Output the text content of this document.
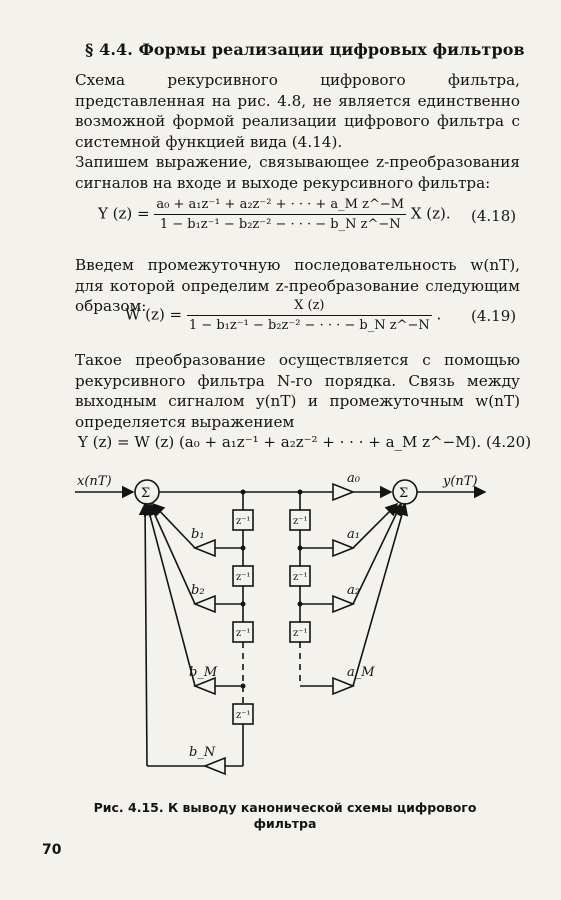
§ 4.4. Формы реализации цифровых фильтров

Схема рекурсивного цифрового фильтра, представленная на рис. 4.8, не является единственно возможной формой реализации цифрового фильтра с системной функцией вида (4.14).

Запишем выражение, связывающее z-преобразования сигналов на входе и выходе рекурсивного фильтра:

Y $(z) = \frac{\text{a₀ + a₁z⁻¹ + a₂z⁻² + · · · + a\_M z\textasciicircum{}−M}}{\text{1 − b₁z⁻¹ − b₂z⁻² − · · · − b\_N z\textasciicircum{}−N}}$ X (z). (4.18)

Введем промежуточную последовательность w(nT), для которой определим z-преобразование следующим образом:

W $(z) = \frac{X (z)}{\text{1 − b₁z⁻¹ − b₂z⁻² − · · · − b\_N z\textasciicircum{}−N}}$ . (4.19)

Такое преобразование осуществляется с помощью рекурсивного фильтра N-го порядка. Связь между выходным сигналом y(nT) и промежуточным w(nT) определяется выражением

Y (z) = W (z) (a₀ + a₁z⁻¹ + a₂z⁻² + · · · + a_M z^−M). (4.20)
x(nT)	y(nT)
Σ	Σ
z⁻¹
z⁻¹
z⁻¹
z⁻¹
z⁻¹
z⁻¹
z⁻¹
b₁
b₂
b_M
b_N
a₀
a₁
a₂
a_M
Рис. 4.15. К выводу канонической схемы цифрового
фильтра
70
